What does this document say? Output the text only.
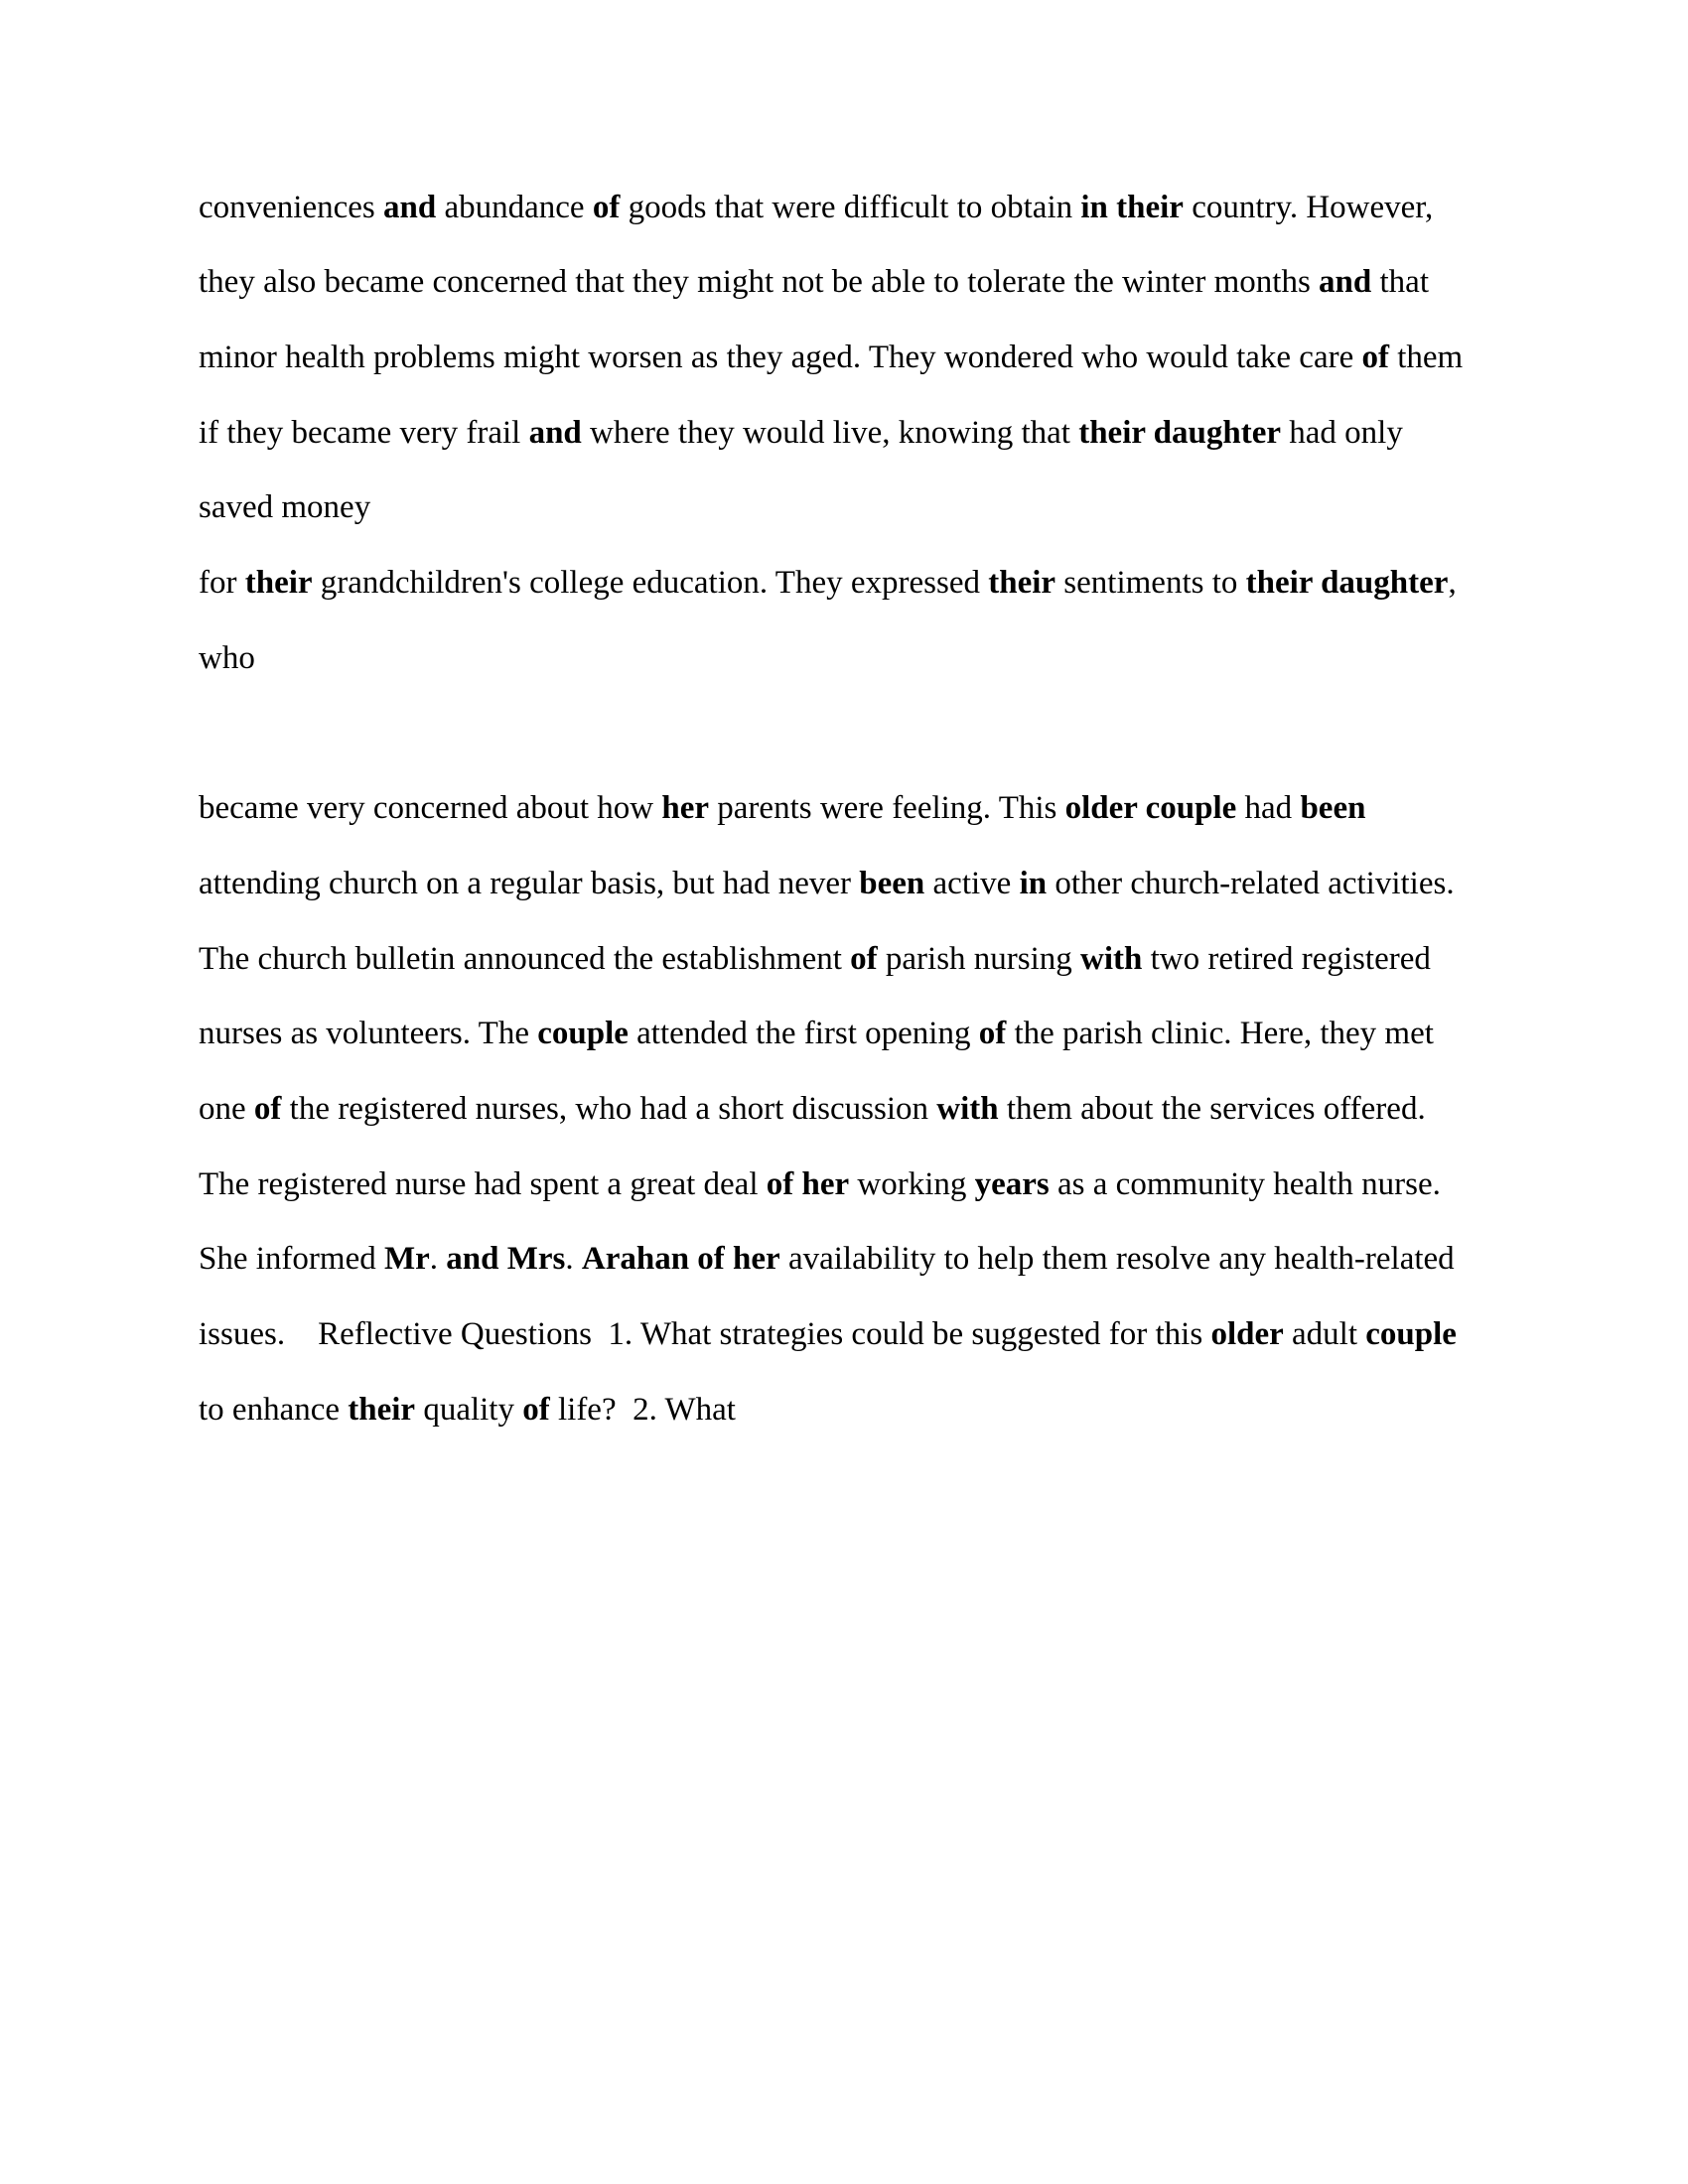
conveniences and abundance of goods that were difficult to obtain in their country. However,
they also became concerned that they might not be able to tolerate the winter months and that
minor health problems might worsen as they aged. They wondered who would take care of them
if they became very frail and where they would live, knowing that their daughter had only
saved money
for their grandchildren's college education. They expressed their sentiments to their daughter,
who
became very concerned about how her parents were feeling. This older couple had been
attending church on a regular basis, but had never been active in other church-related activities.
The church bulletin announced the establishment of parish nursing with two retired registered
nurses as volunteers. The couple attended the first opening of the parish clinic. Here, they met
one of the registered nurses, who had a short discussion with them about the services offered.
The registered nurse had spent a great deal of her working years as a community health nurse.
She informed Mr. and Mrs. Arahan of her availability to help them resolve any health-related
issues.    Reflective Questions  1. What strategies could be suggested for this older adult couple
to enhance their quality of life?  2. What
